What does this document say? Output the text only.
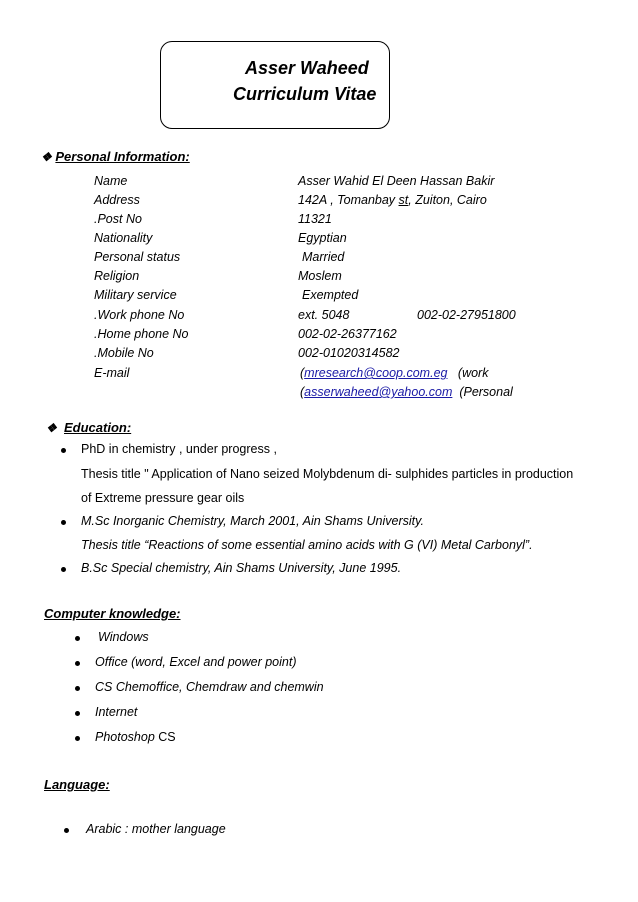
Asser Waheed
Curriculum Vitae
❖ Personal Information:
Name	Asser Wahid El Deen Hassan Bakir
Address	142A , Tomanbay st, Zuiton, Cairo
.Post No	11321
Nationality	Egyptian
Personal status	Married
Religion	Moslem
Military service	Exempted
.Work phone No	ext. 5048	002-02-27951800
.Home phone No	002-02-26377162
.Mobile No	002-01020314582
E-mail	(mresearch@coop.com.eg (work
(asserwaheed@yahoo.com (Personal
❖ Education:
PhD in chemistry , under progress ,
Thesis title " Application of Nano seized Molybdenum di- sulphides particles in production
of Extreme pressure gear oils
M.Sc Inorganic Chemistry, March 2001, Ain Shams University.
Thesis title “Reactions of some essential amino acids with G (VI) Metal Carbonyl”.
B.Sc Special chemistry, Ain Shams University, June 1995.
Computer knowledge:
Windows
Office (word, Excel and power point)
CS Chemoffice, Chemdraw and chemwin
Internet
Photoshop CS
Language:
Arabic : mother language
